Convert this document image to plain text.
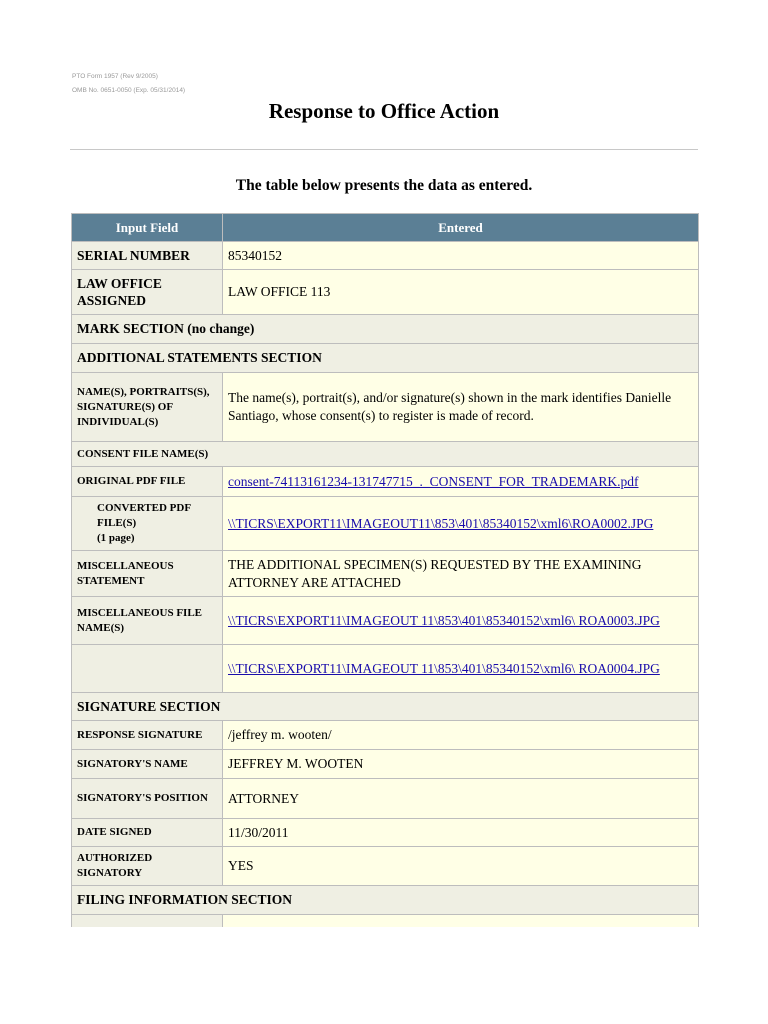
PTO Form 1957 (Rev 9/2005)
OMB No. 0651-0050 (Exp. 05/31/2014)
Response to Office Action
The table below presents the data as entered.
Input Field	Entered
SERIAL NUMBER	85340152
LAW OFFICE ASSIGNED	LAW OFFICE 113
MARK SECTION (no change)	
ADDITIONAL STATEMENTS SECTION	
NAME(S), PORTRAITS(S), SIGNATURE(S) OF INDIVIDUAL(S)	The name(s), portrait(s), and/or signature(s) shown in the mark identifies Danielle Santiago, whose consent(s) to register is made of record.
CONSENT FILE NAME(S)	
ORIGINAL PDF FILE	consent-74113161234-131747715_._CONSENT_FOR_TRADEMARK.pdf

CONVERTED PDF FILE(S)
(1 page)	\\TICRS\EXPORT11\IMAGEOUT11\853\401\85340152\xml6\ROA0002.JPG
MISCELLANEOUS STATEMENT	THE ADDITIONAL SPECIMEN(S) REQUESTED BY THE EXAMINING ATTORNEY ARE ATTACHED
MISCELLANEOUS FILE NAME(S)	\\TICRS\EXPORT11\IMAGEOUT 11\853\401\85340152\xml6\ ROA0003.JPG
	\\TICRS\EXPORT11\IMAGEOUT 11\853\401\85340152\xml6\ ROA0004.JPG
SIGNATURE SECTION	
RESPONSE SIGNATURE	/jeffrey m. wooten/
SIGNATORY'S NAME	JEFFREY M. WOOTEN
SIGNATORY'S POSITION	ATTORNEY
DATE SIGNED	11/30/2011
AUTHORIZED SIGNATORY	YES
FILING INFORMATION SECTION	
